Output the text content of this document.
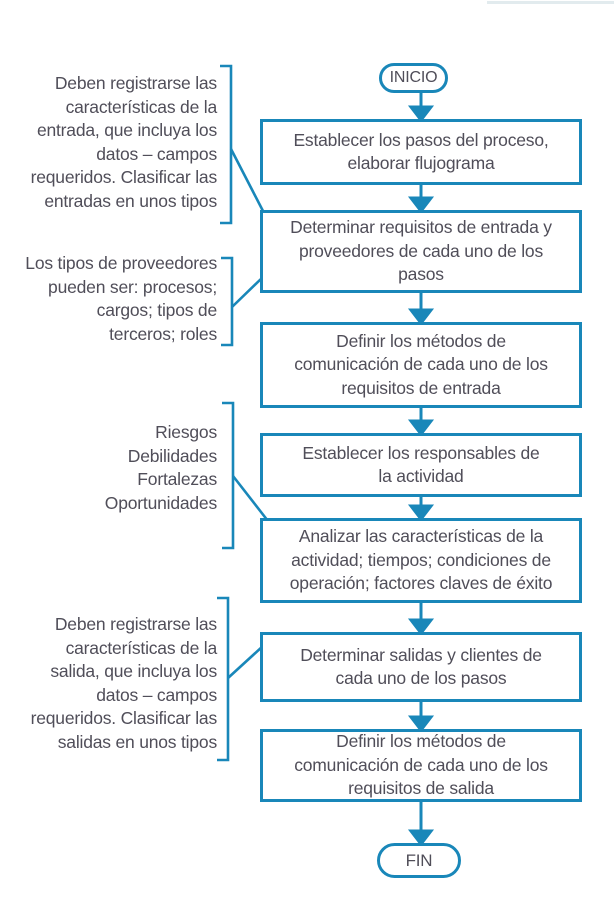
INICIO
Establecer los pasos del proceso,
elaborar flujograma
Determinar requisitos de entrada y
proveedores de cada uno de los
pasos
Definir los métodos de
comunicación de cada uno de los
requisitos de entrada
Establecer los responsables de
la actividad
Analizar las características de la
actividad; tiempos; condiciones de
operación; factores claves de éxito
Determinar salidas y clientes de
cada uno de los pasos
Definir los métodos de
comunicación de cada uno de los
requisitos de salida
Deben registrarse las
características de la
entrada, que incluya los
datos – campos
requeridos. Clasificar las
entradas en unos tipos
Los tipos de proveedores
pueden ser: procesos;
cargos; tipos de
terceros; roles
Riesgos
Debilidades
Fortalezas
Oportunidades
Deben registrarse las
características de la
salida, que incluya los
datos – campos
requeridos. Clasificar las
salidas en unos tipos
FIN
